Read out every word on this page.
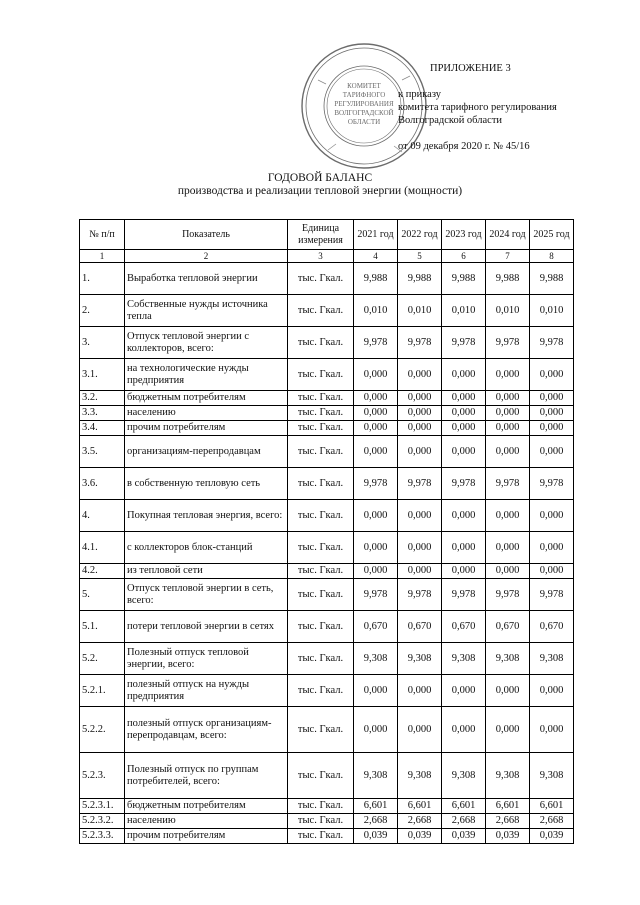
КОМИТЕТ
ТАРИФНОГО
РЕГУЛИРОВАНИЯ
ВОЛГОГРАДСКОЙ
ОБЛАСТИ
ПРИЛОЖЕНИЕ 3
к приказу
комитета тарифного регулирования
Волгоградской области
от 09 декабря 2020 г. № 45/16
ГОДОВОЙ БАЛАНС
производства и реализации тепловой энергии (мощности)
№ п/п	Показатель	Единица измерения	2021 год	2022 год	2023 год	2024 год	2025 год
1	2	3	4	5	6	7	8
1.	Выработка тепловой энергии	тыс. Гкал.	9,988	9,988	9,988	9,988	9,988
2.	Собственные нужды источника тепла	тыс. Гкал.	0,010	0,010	0,010	0,010	0,010
3.	Отпуск тепловой энергии с коллекторов, всего:	тыс. Гкал.	9,978	9,978	9,978	9,978	9,978
3.1.	на технологические нужды предприятия	тыс. Гкал.	0,000	0,000	0,000	0,000	0,000
3.2.	бюджетным потребителям	тыс. Гкал.	0,000	0,000	0,000	0,000	0,000
3.3.	населению	тыс. Гкал.	0,000	0,000	0,000	0,000	0,000
3.4.	прочим потребителям	тыс. Гкал.	0,000	0,000	0,000	0,000	0,000
3.5.	организациям-перепродавцам	тыс. Гкал.	0,000	0,000	0,000	0,000	0,000
3.6.	в собственную тепловую сеть	тыс. Гкал.	9,978	9,978	9,978	9,978	9,978
4.	Покупная тепловая энергия, всего:	тыс. Гкал.	0,000	0,000	0,000	0,000	0,000
4.1.	с коллекторов блок-станций	тыс. Гкал.	0,000	0,000	0,000	0,000	0,000
4.2.	из тепловой сети	тыс. Гкал.	0,000	0,000	0,000	0,000	0,000
5.	Отпуск тепловой энергии в сеть, всего:	тыс. Гкал.	9,978	9,978	9,978	9,978	9,978
5.1.	потери тепловой энергии в сетях	тыс. Гкал.	0,670	0,670	0,670	0,670	0,670
5.2.	Полезный отпуск тепловой энергии, всего:	тыс. Гкал.	9,308	9,308	9,308	9,308	9,308
5.2.1.	полезный отпуск на нужды предприятия	тыс. Гкал.	0,000	0,000	0,000	0,000	0,000
5.2.2.	полезный отпуск организациям-перепродавцам, всего:	тыс. Гкал.	0,000	0,000	0,000	0,000	0,000
5.2.3.	Полезный отпуск по группам потребителей, всего:	тыс. Гкал.	9,308	9,308	9,308	9,308	9,308
5.2.3.1.	бюджетным потребителям	тыс. Гкал.	6,601	6,601	6,601	6,601	6,601
5.2.3.2.	населению	тыс. Гкал.	2,668	2,668	2,668	2,668	2,668
5.2.3.3.	прочим потребителям	тыс. Гкал.	0,039	0,039	0,039	0,039	0,039
